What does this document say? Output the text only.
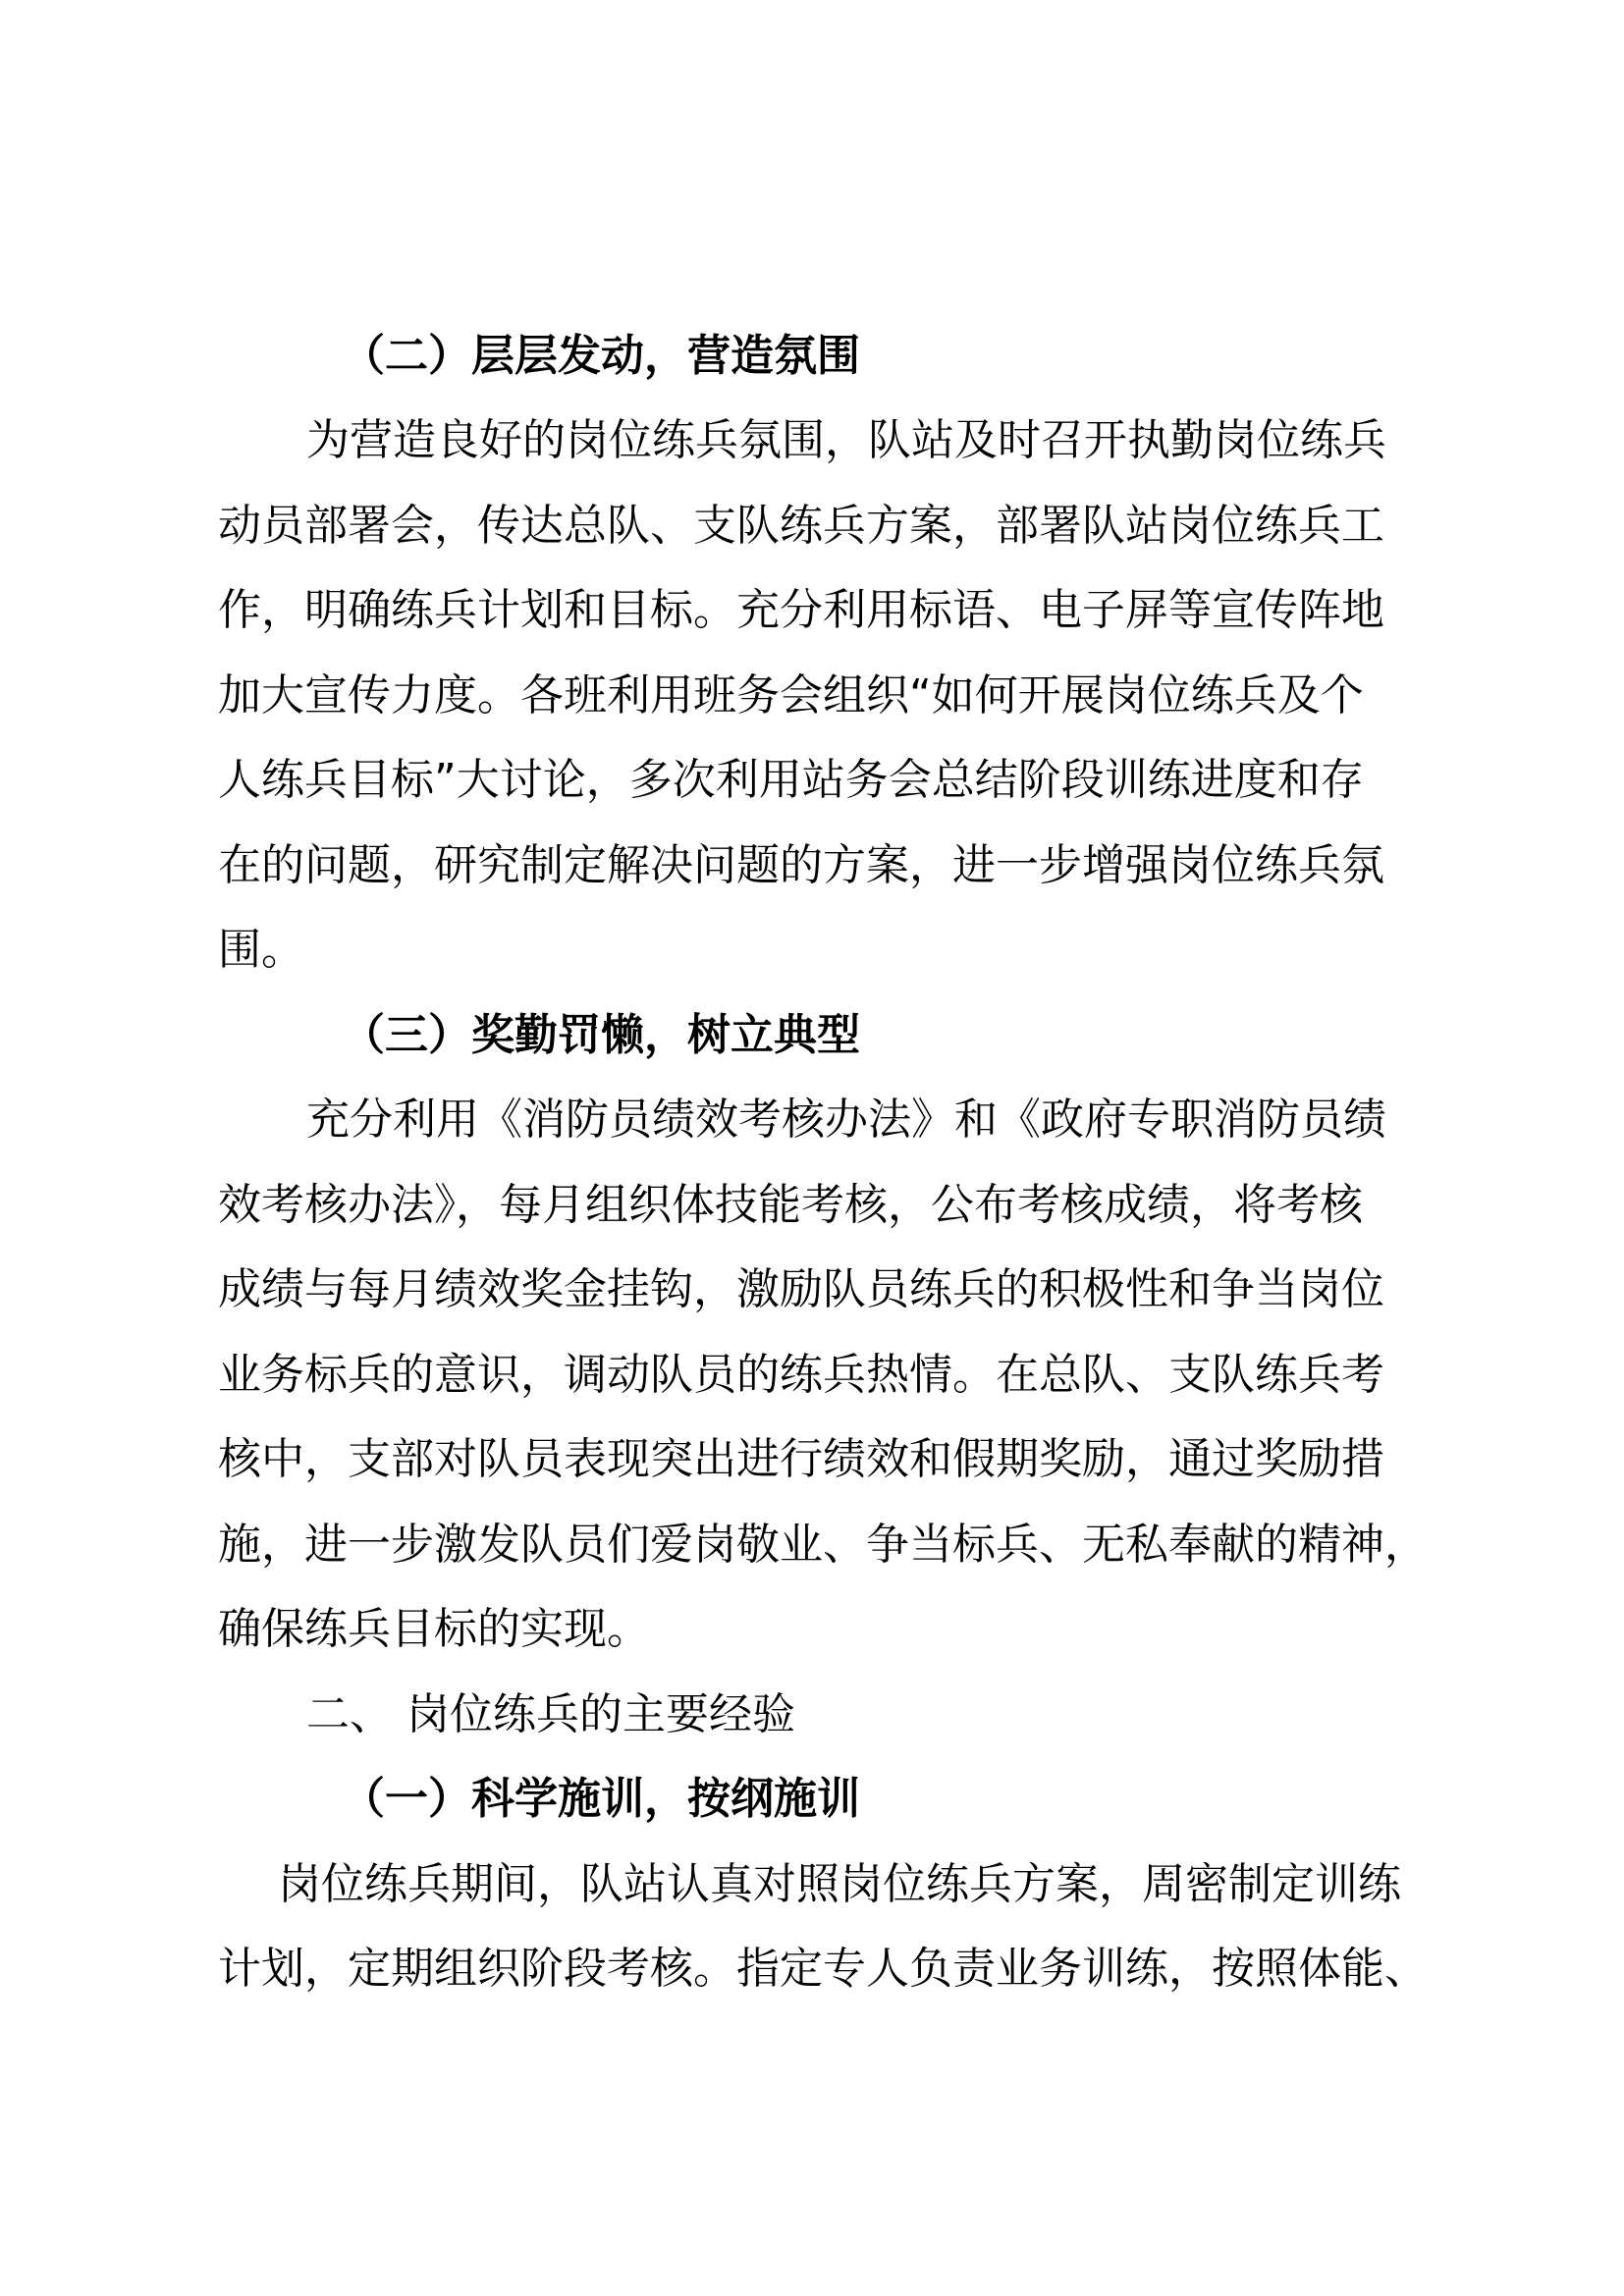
（二）层层发动，营造氛围
为营造良好的岗位练兵氛围，队站及时召开执勤岗位练兵
动员部署会，传达总队、支队练兵方案，部署队站岗位练兵工
作，明确练兵计划和目标。充分利用标语、电子屏等宣传阵地
加大宣传力度。各班利用班务会组织“如何开展岗位练兵及个
人练兵目标”大讨论，多次利用站务会总结阶段训练进度和存
在的问题，研究制定解决问题的方案，进一步增强岗位练兵氛
围。
（三）奖勤罚懒，树立典型
充分利用《消防员绩效考核办法》和《政府专职消防员绩
效考核办法》，每月组织体技能考核，公布考核成绩，将考核
成绩与每月绩效奖金挂钩，激励队员练兵的积极性和争当岗位
业务标兵的意识，调动队员的练兵热情。在总队、支队练兵考
核中，支部对队员表现突出进行绩效和假期奖励，通过奖励措
施，进一步激发队员们爱岗敬业、争当标兵、无私奉献的精神，
确保练兵目标的实现。
二、 岗位练兵的主要经验
（一）科学施训，按纲施训
岗位练兵期间，队站认真对照岗位练兵方案，周密制定训练
计划，定期组织阶段考核。指定专人负责业务训练，按照体能、
